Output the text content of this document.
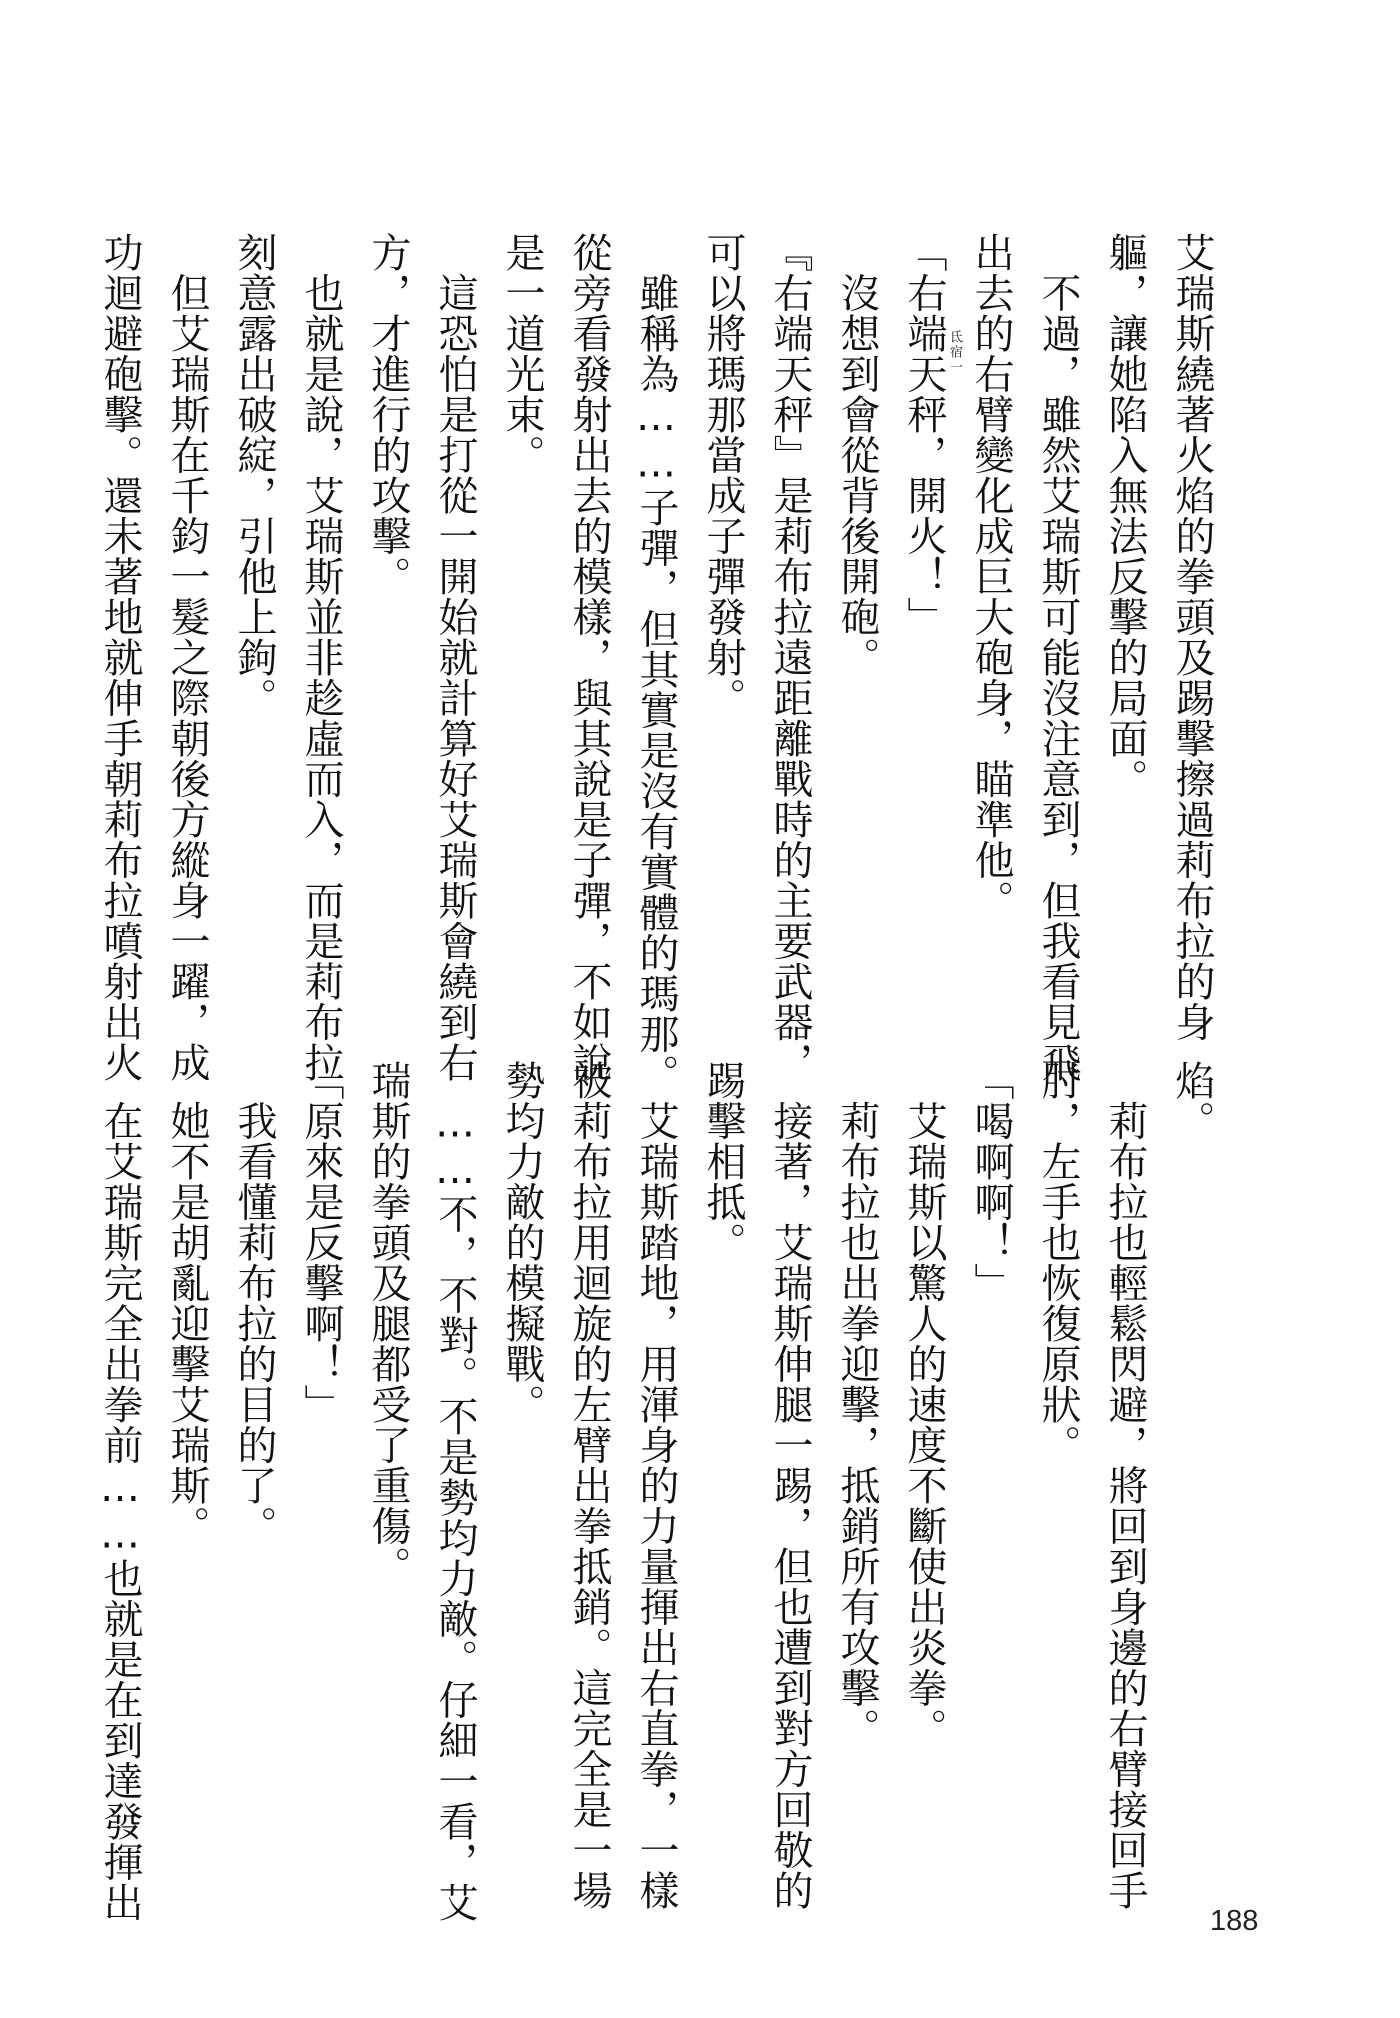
艾瑞斯繞著火焰的拳頭及踢擊擦過莉布拉的身
軀，讓她陷入無法反擊的局面。
　不過，雖然艾瑞斯可能沒注意到，但我看見飛
出去的右臂變化成巨大砲身，瞄準他。
「右端天秤，開火！」 氐宿一
　沒想到會從背後開砲。
『右端天秤』是莉布拉遠距離戰時的主要武器，
可以將瑪那當成子彈發射。
　雖稱為……子彈，但其實是沒有實體的瑪那。
從旁看發射出去的模樣，與其說是子彈，不如說
是一道光束。
　這恐怕是打從一開始就計算好艾瑞斯會繞到右
方，才進行的攻擊。
　也就是說，艾瑞斯並非趁虛而入，而是莉布拉
刻意露出破綻，引他上鉤。
　但艾瑞斯在千鈞一髮之際朝後方縱身一躍，成
功迴避砲擊。還未著地就伸手朝莉布拉噴射出火
焰。
　莉布拉也輕鬆閃避，將回到身邊的右臂接回手
肘，左手也恢復原狀。
「喝啊啊！」
　艾瑞斯以驚人的速度不斷使出炎拳。
　莉布拉也出拳迎擊，抵銷所有攻擊。
　接著，艾瑞斯伸腿一踢，但也遭到對方回敬的
踢擊相抵。
　艾瑞斯踏地，用渾身的力量揮出右直拳，一樣
被莉布拉用迴旋的左臂出拳抵銷。這完全是一場
勢均力敵的模擬戰。
　……不，不對。不是勢均力敵。仔細一看，艾
瑞斯的拳頭及腿都受了重傷。
「原來是反擊啊！」
　我看懂莉布拉的目的了。
　她不是胡亂迎擊艾瑞斯。
　在艾瑞斯完全出拳前……也就是在到達發揮出	188
